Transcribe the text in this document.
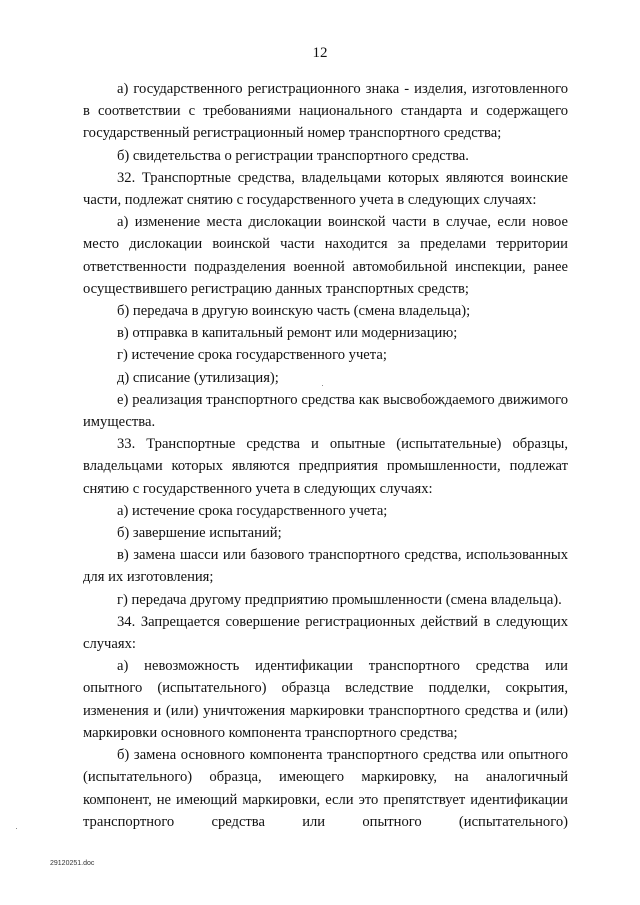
12

а) государственного регистрационного знака - изделия, изготовленного в соответствии с требованиями национального стандарта и содержащего государственный регистрационный номер транспортного средства;

б) свидетельства о регистрации транспортного средства.

32. Транспортные средства, владельцами которых являются воинские части, подлежат снятию с государственного учета в следующих случаях:

а) изменение места дислокации воинской части в случае, если новое место дислокации воинской части находится за пределами территории ответственности подразделения военной автомобильной инспекции, ранее осуществившего регистрацию данных транспортных средств;

б) передача в другую воинскую часть (смена владельца);

в) отправка в капитальный ремонт или модернизацию;

г) истечение срока государственного учета;

д) списание (утилизация);

е) реализация транспортного средства как высвобождаемого движимого имущества.

33. Транспортные средства и опытные (испытательные) образцы, владельцами которых являются предприятия промышленности, подлежат снятию с государственного учета в следующих случаях:

а) истечение срока государственного учета;

б) завершение испытаний;

в) замена шасси или базового транспортного средства, использованных для их изготовления;

г) передача другому предприятию промышленности (смена владельца).

34. Запрещается совершение регистрационных действий в следующих случаях:

а) невозможность идентификации транспортного средства или опытного (испытательного) образца вследствие подделки, сокрытия, изменения и (или) уничтожения маркировки транспортного средства и (или) маркировки основного компонента транспортного средства;

б) замена основного компонента транспортного средства или опытного (испытательного) образца, имеющего маркировку, на аналогичный компонент, не имеющий маркировки, если это препятствует идентификации транспортного средства или опытного (испытательного)

29120251.doc
